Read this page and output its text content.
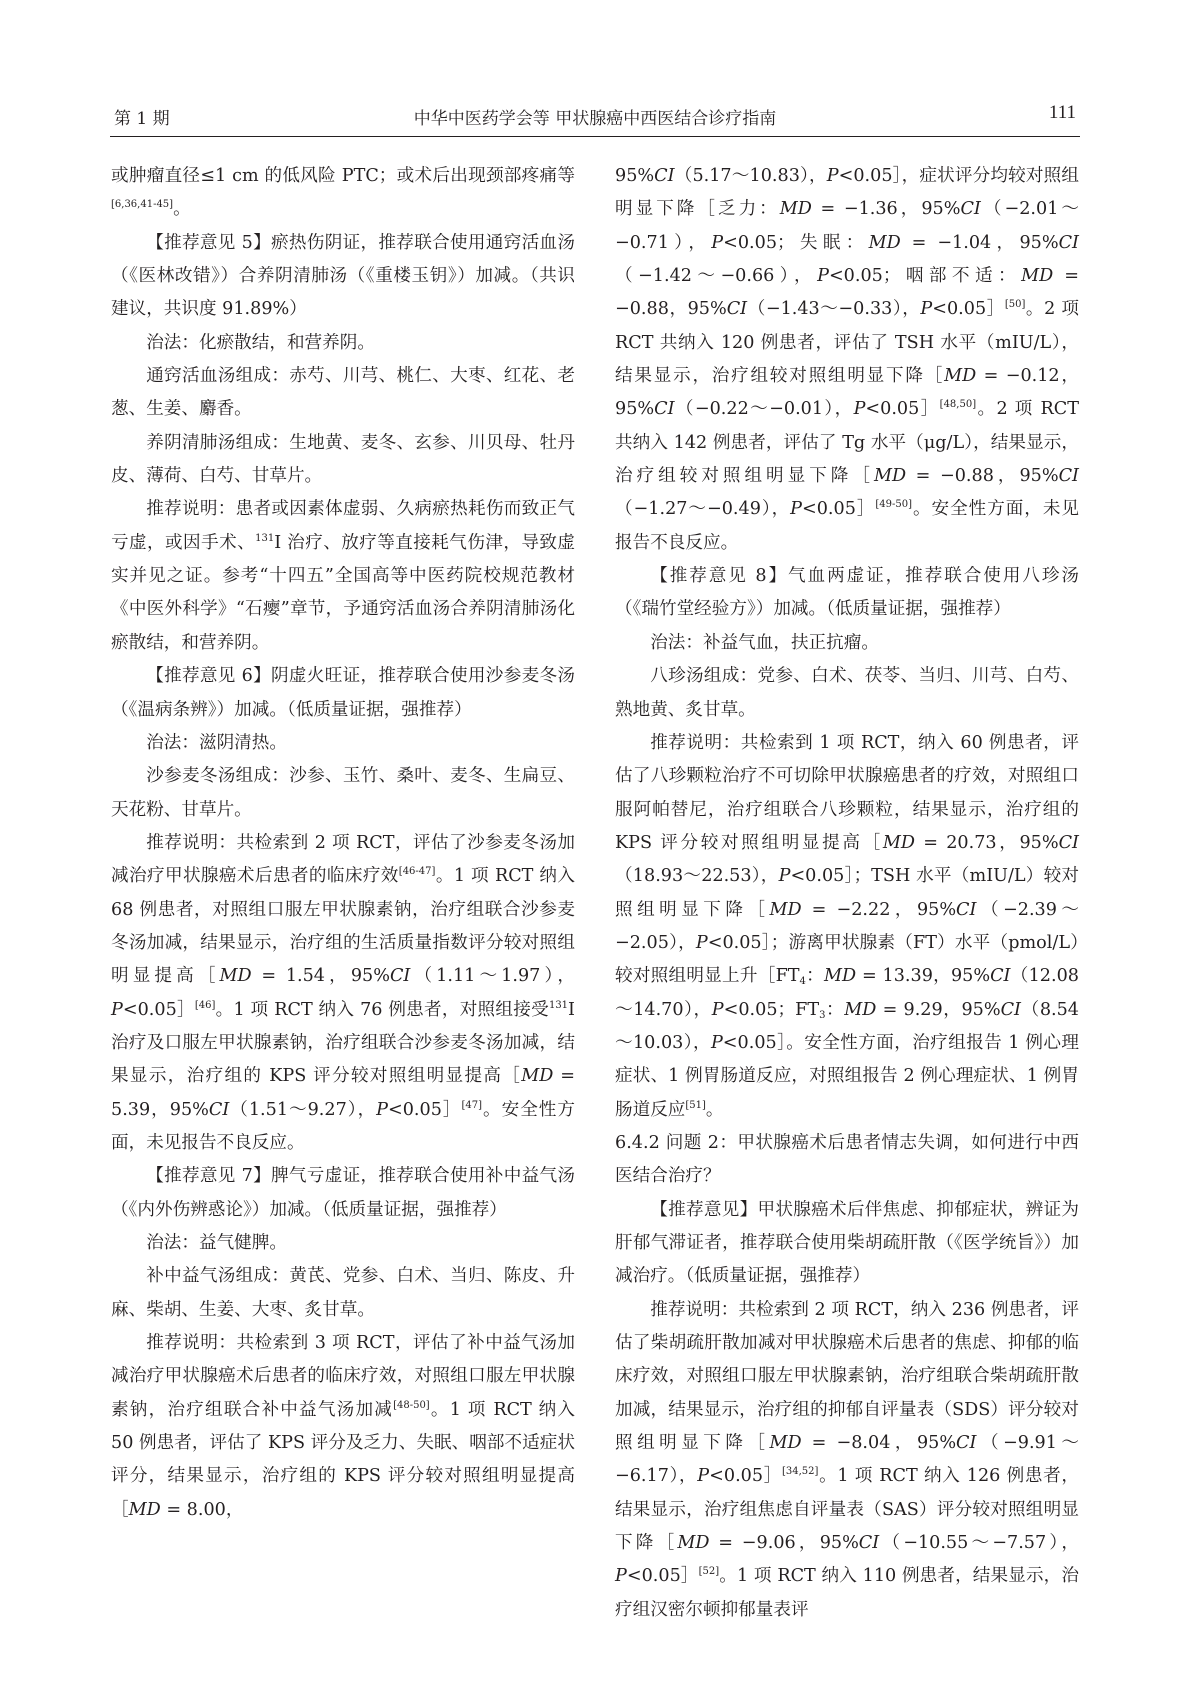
第 1 期	中华中医药学会等 甲状腺癌中西医结合诊疗指南	111

或肿瘤直径≤1 cm 的低风险 PTC；或术后出现颈部疼痛等[6,36,41-45]。

【推荐意见 5】瘀热伤阴证，推荐联合使用通窍活血汤（《医林改错》）合养阴清肺汤（《重楼玉钥》）加减。（共识建议，共识度 91.89%）

治法：化瘀散结，和营养阴。

通窍活血汤组成：赤芍、川芎、桃仁、大枣、红花、老葱、生姜、麝香。

养阴清肺汤组成：生地黄、麦冬、玄参、川贝母、牡丹皮、薄荷、白芍、甘草片。

推荐说明：患者或因素体虚弱、久病瘀热耗伤而致正气亏虚，或因手术、$^{131}$I 治疗、放疗等直接耗气伤津，导致虚实并见之证。参考“十四五”全国高等中医药院校规范教材《中医外科学》“石瘿”章节，予通窍活血汤合养阴清肺汤化瘀散结，和营养阴。

【推荐意见 6】阴虚火旺证，推荐联合使用沙参麦冬汤（《温病条辨》）加减。（低质量证据，强推荐）

治法：滋阴清热。

沙参麦冬汤组成：沙参、玉竹、桑叶、麦冬、生扁豆、天花粉、甘草片。

推荐说明：共检索到 2 项 RCT，评估了沙参麦冬汤加减治疗甲状腺癌术后患者的临床疗效[46-47]。1 项 RCT 纳入 68 例患者，对照组口服左甲状腺素钠，治疗组联合沙参麦冬汤加减，结果显示，治疗组的生活质量指数评分较对照组明显提高［MD = 1.54，95%CI（1.11～1.97），P<0.05］[46]。1 项 RCT 纳入 76 例患者，对照组接受$^{131}$I 治疗及口服左甲状腺素钠，治疗组联合沙参麦冬汤加减，结果显示，治疗组的 KPS 评分较对照组明显提高［MD = 5.39，95%CI（1.51～9.27），P<0.05］[47]。安全性方面，未见报告不良反应。

【推荐意见 7】脾气亏虚证，推荐联合使用补中益气汤（《内外伤辨惑论》）加减。（低质量证据，强推荐）

治法：益气健脾。

补中益气汤组成：黄芪、党参、白术、当归、陈皮、升麻、柴胡、生姜、大枣、炙甘草。

推荐说明：共检索到 3 项 RCT，评估了补中益气汤加减治疗甲状腺癌术后患者的临床疗效，对照组口服左甲状腺素钠，治疗组联合补中益气汤加减[48-50]。1 项 RCT 纳入 50 例患者，评估了 KPS 评分及乏力、失眠、咽部不适症状评分，结果显示，治疗组的 KPS 评分较对照组明显提高［MD = 8.00，

95%CI（5.17～10.83），P<0.05］，症状评分均较对照组明显下降［乏力：MD = −1.36，95%CI（−2.01～−0.71），P<0.05；失眠：MD = −1.04，95%CI（−1.42～−0.66），P<0.05；咽部不适：MD = −0.88，95%CI（−1.43～−0.33），P<0.05］[50]。2 项 RCT 共纳入 120 例患者，评估了 TSH 水平（mIU/L），结果显示，治疗组较对照组明显下降［MD = −0.12，95%CI（−0.22～−0.01），P<0.05］[48,50]。2 项 RCT 共纳入 142 例患者，评估了 Tg 水平（μg/L），结果显示，治疗组较对照组明显下降［MD = −0.88，95%CI（−1.27～−0.49），P<0.05］[49-50]。安全性方面，未见报告不良反应。

【推荐意见 8】气血两虚证，推荐联合使用八珍汤（《瑞竹堂经验方》）加减。（低质量证据，强推荐）

治法：补益气血，扶正抗瘤。

八珍汤组成：党参、白术、茯苓、当归、川芎、白芍、熟地黄、炙甘草。

推荐说明：共检索到 1 项 RCT，纳入 60 例患者，评估了八珍颗粒治疗不可切除甲状腺癌患者的疗效，对照组口服阿帕替尼，治疗组联合八珍颗粒，结果显示，治疗组的 KPS 评分较对照组明显提高［MD = 20.73，95%CI（18.93～22.53），P<0.05］；TSH 水平（mIU/L）较对照组明显下降［MD = −2.22，95%CI（−2.39～−2.05），P<0.05］；游离甲状腺素（FT）水平（pmol/L）较对照组明显上升$[FT_4$：MD = 13.39，95%CI（12.08～14.70），P<0.05；$FT_3$：MD = 9.29，95%CI（8.54～10.03），P<0.05］。安全性方面，治疗组报告 1 例心理症状、1 例胃肠道反应，对照组报告 2 例心理症状、1 例胃肠道反应[51]。

6.4.2 问题 2：甲状腺癌术后患者情志失调，如何进行中西医结合治疗？

【推荐意见】甲状腺癌术后伴焦虑、抑郁症状，辨证为肝郁气滞证者，推荐联合使用柴胡疏肝散（《医学统旨》）加减治疗。（低质量证据，强推荐）

推荐说明：共检索到 2 项 RCT，纳入 236 例患者，评估了柴胡疏肝散加减对甲状腺癌术后患者的焦虑、抑郁的临床疗效，对照组口服左甲状腺素钠，治疗组联合柴胡疏肝散加减，结果显示，治疗组的抑郁自评量表（SDS）评分较对照组明显下降［MD = −8.04，95%CI（−9.91～−6.17），P<0.05］[34,52]。1 项 RCT 纳入 126 例患者，结果显示，治疗组焦虑自评量表（SAS）评分较对照组明显下降［MD = −9.06，95%CI（−10.55～−7.57），P<0.05］[52]。1 项 RCT 纳入 110 例患者，结果显示，治疗组汉密尔顿抑郁量表评
